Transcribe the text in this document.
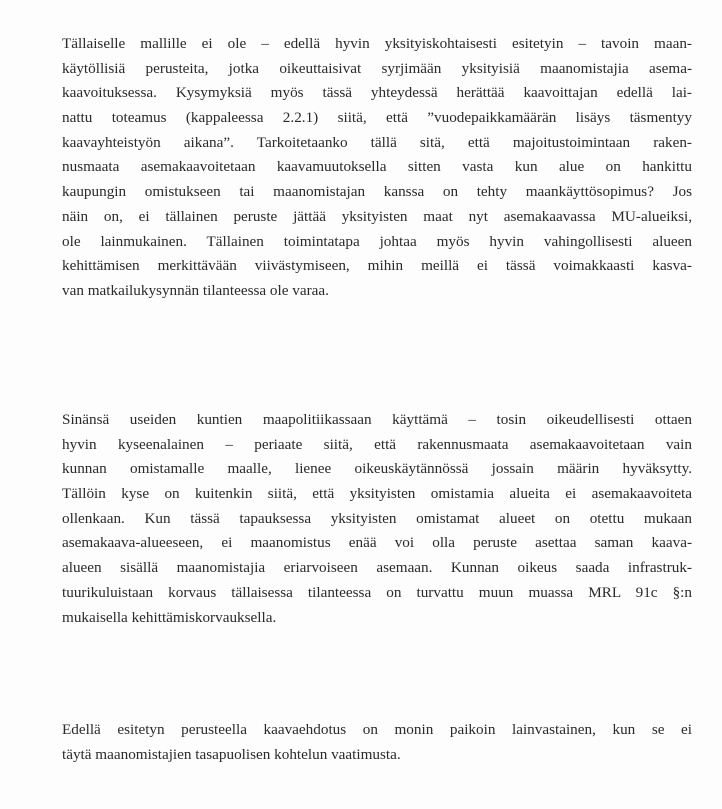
Tällaiselle mallille ei ole – edellä hyvin yksityiskohtaisesti esitetyin – tavoin maan-
käytöllisiä perusteita, jotka oikeuttaisivat syrjimään yksityisiä maanomistajia asema-
kaavoituksessa. Kysymyksiä myös tässä yhteydessä herättää kaavoittajan edellä lai-
nattu toteamus (kappaleessa 2.2.1) siitä, että ”vuodepaikkamäärän lisäys täsmentyy
kaavayhteistyön aikana”. Tarkoitetaanko tällä sitä, että majoitustoimintaan raken-
nusmaata asemakaavoitetaan kaavamuutoksella sitten vasta kun alue on hankittu
kaupungin omistukseen tai maanomistajan kanssa on tehty maankäyttösopimus? Jos
näin on, ei tällainen peruste jättää yksityisten maat nyt asemakaavassa MU-alueiksi,
ole lainmukainen. Tällainen toimintatapa johtaa myös hyvin vahingollisesti alueen
kehittämisen merkittävään viivästymiseen, mihin meillä ei tässä voimakkaasti kasva-
van matkailukysynnän tilanteessa ole varaa.
Sinänsä useiden kuntien maapolitiikassaan käyttämä – tosin oikeudellisesti ottaen
hyvin kyseenalainen – periaate siitä, että rakennusmaata asemakaavoitetaan vain
kunnan omistamalle maalle, lienee oikeuskäytännössä jossain määrin hyväksytty.
Tällöin kyse on kuitenkin siitä, että yksityisten omistamia alueita ei asemakaavoiteta
ollenkaan. Kun tässä tapauksessa yksityisten omistamat alueet on otettu mukaan
asemakaava-alueeseen, ei maanomistus enää voi olla peruste asettaa saman kaava-
alueen sisällä maanomistajia eriarvoiseen asemaan. Kunnan oikeus saada infrastruk-
tuurikuluistaan korvaus tällaisessa tilanteessa on turvattu muun muassa MRL 91c §:n
mukaisella kehittämiskorvauksella.
Edellä esitetyn perusteella kaavaehdotus on monin paikoin lainvastainen, kun se ei
täytä maanomistajien tasapuolisen kohtelun vaatimusta.
